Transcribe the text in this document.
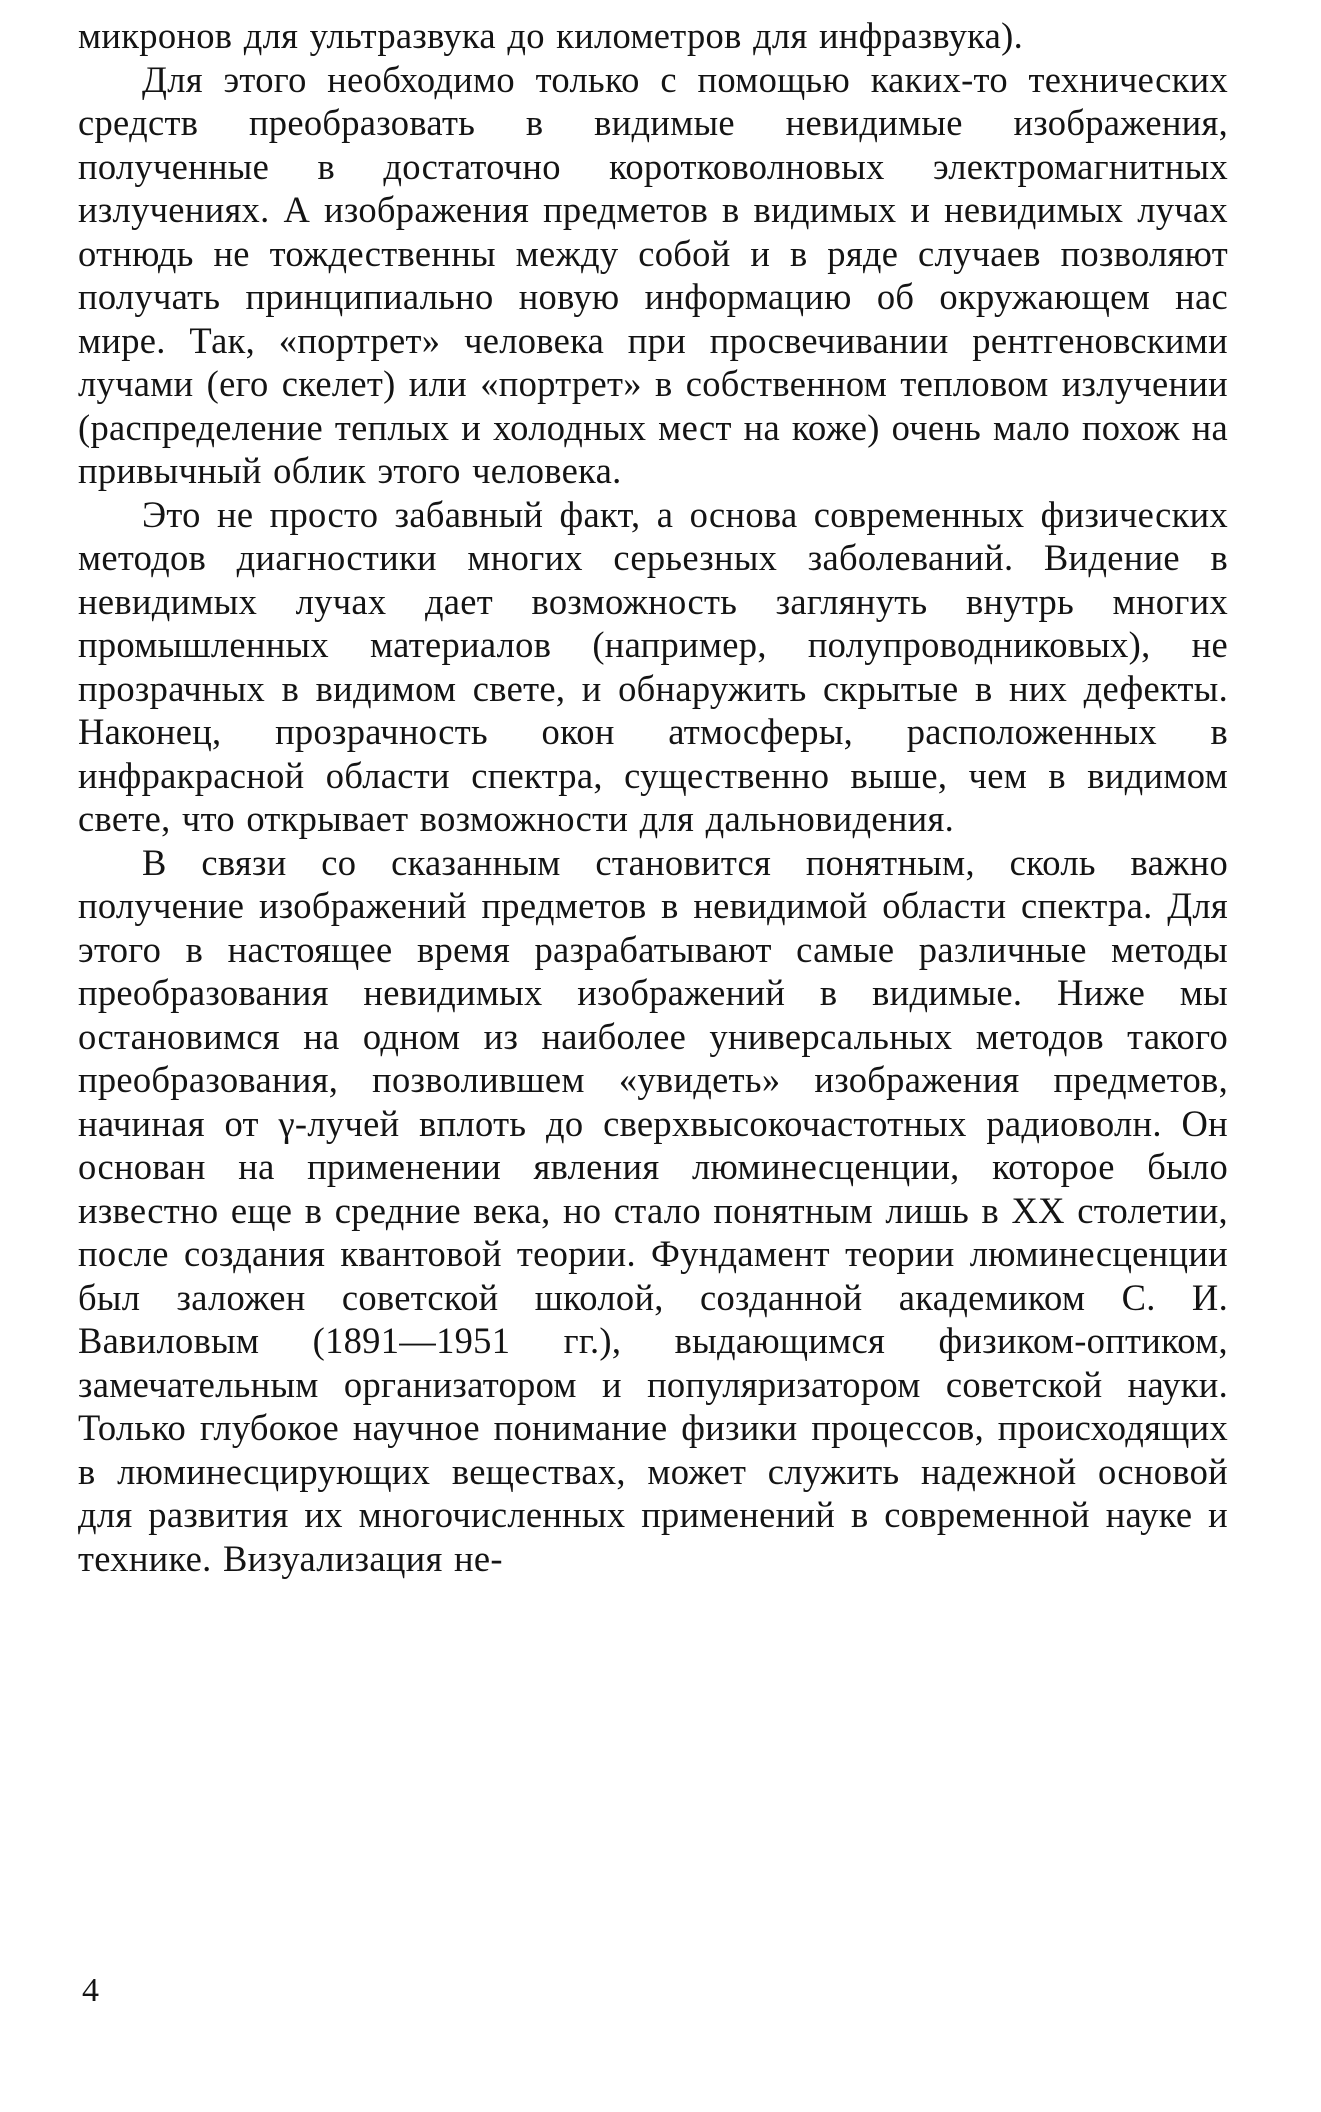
микронов для ультразвука до километров для инфразвука).

Для этого необходимо только с помощью каких-то технических средств преобразовать в видимые невидимые изображения, полученные в достаточно коротковолновых электромагнитных излучениях. А изображения предметов в видимых и невидимых лучах отнюдь не тождественны между собой и в ряде случаев позволяют получать принципиально новую информацию об окружающем нас мире. Так, «портрет» человека при просвечивании рентгеновскими лучами (его скелет) или «портрет» в собственном тепловом излучении (распределение теплых и холодных мест на коже) очень мало похож на привычный облик этого человека.

Это не просто забавный факт, а основа современных физических методов диагностики многих серьезных заболеваний. Видение в невидимых лучах дает возможность заглянуть внутрь многих промышленных материалов (например, полупроводниковых), не прозрачных в видимом свете, и обнаружить скрытые в них дефекты. Наконец, прозрачность окон атмосферы, расположенных в инфракрасной области спектра, существенно выше, чем в видимом свете, что открывает возможности для дальновидения.

В связи со сказанным становится понятным, сколь важно получение изображений предметов в невидимой области спектра. Для этого в настоящее время разрабатывают самые различные методы преобразования невидимых изображений в видимые. Ниже мы остановимся на одном из наиболее универсальных методов такого преобразования, позволившем «увидеть» изображения предметов, начиная от γ-лучей вплоть до сверхвысокочастотных радиоволн. Он основан на применении явления люминесценции, которое было известно еще в средние века, но стало понятным лишь в XX столетии, после создания квантовой теории. Фундамент теории люминесценции был заложен советской школой, созданной академиком С. И. Вавиловым (1891—1951 гг.), выдающимся физиком-оптиком, замечательным организатором и популяризатором советской науки. Только глубокое научное понимание физики процессов, происходящих в люминесцирующих веществах, может служить надежной основой для развития их многочисленных применений в современной науке и технике. Визуализация не-

4
